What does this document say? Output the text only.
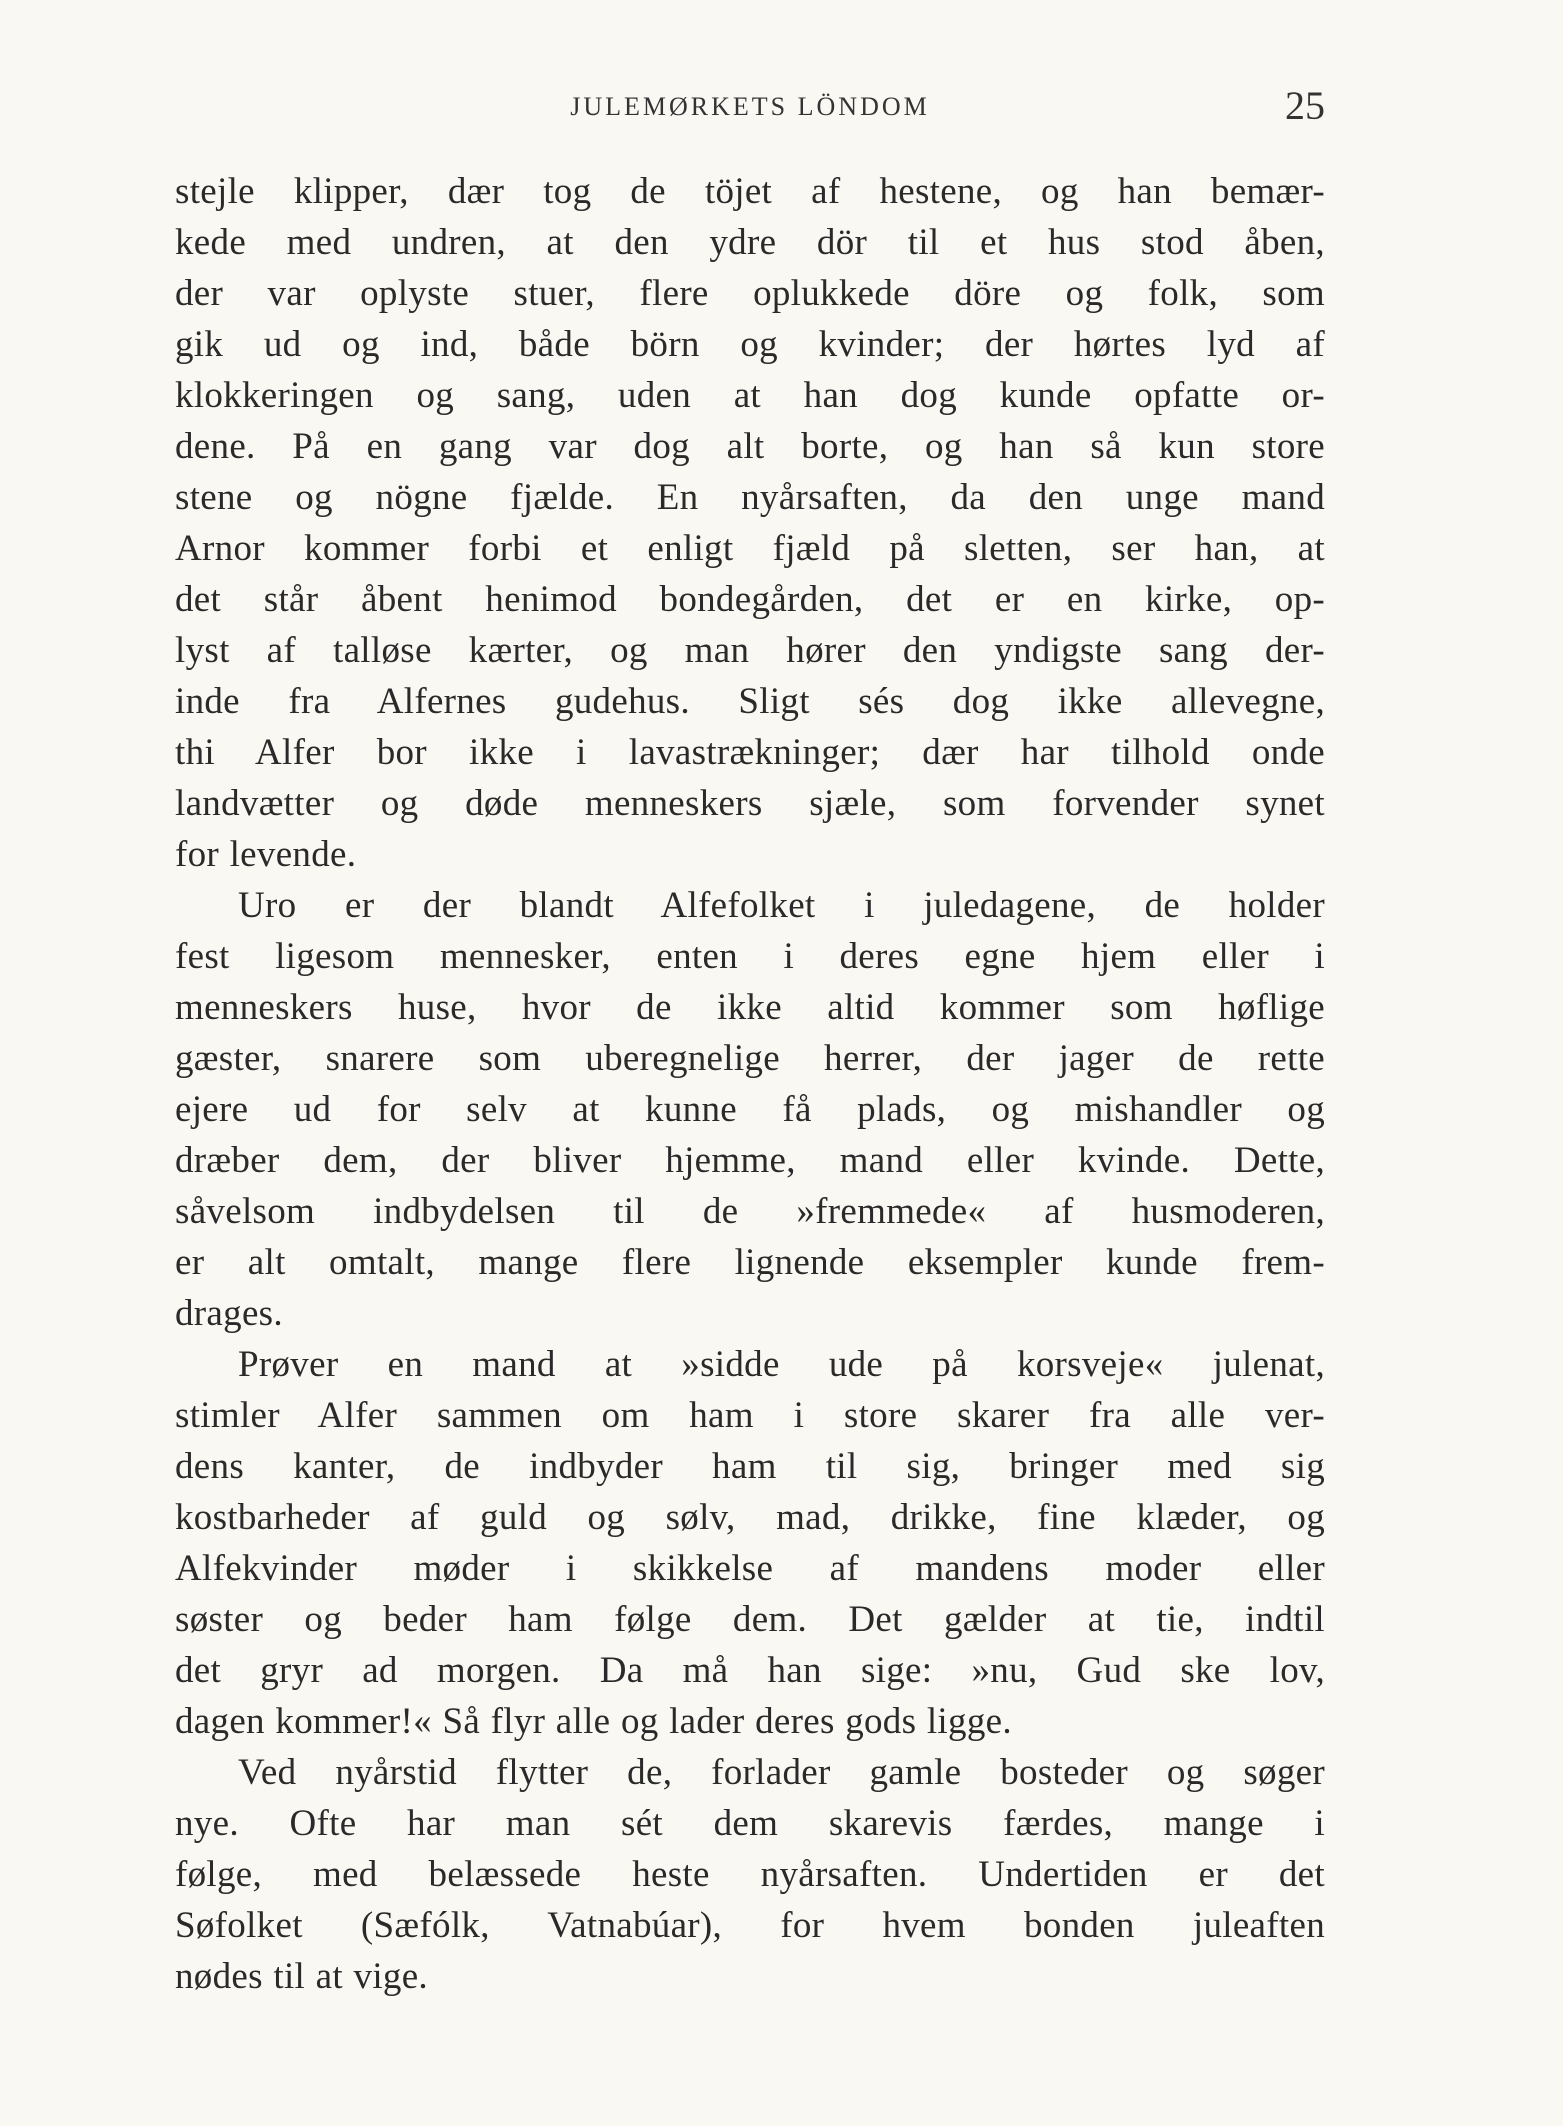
JULEMØRKETS LÖNDOM	25
stejle klipper, dær tog de töjet af hestene, og han bemær-
kede med undren, at den ydre dör til et hus stod åben,
der var oplyste stuer, flere oplukkede döre og folk, som
gik ud og ind, både börn og kvinder; der hørtes lyd af
klokkeringen og sang, uden at han dog kunde opfatte or-
dene. På en gang var dog alt borte, og han så kun store
stene og nögne fjælde. En nyårsaften, da den unge mand
Arnor kommer forbi et enligt fjæld på sletten, ser han, at
det står åbent henimod bondegården, det er en kirke, op-
lyst af talløse kærter, og man hører den yndigste sang der-
inde fra Alfernes gudehus. Sligt sés dog ikke allevegne,
thi Alfer bor ikke i lavastrækninger; dær har tilhold onde
landvætter og døde menneskers sjæle, som forvender synet
for levende.
Uro er der blandt Alfefolket i juledagene, de holder
fest ligesom mennesker, enten i deres egne hjem eller i
menneskers huse, hvor de ikke altid kommer som høflige
gæster, snarere som uberegnelige herrer, der jager de rette
ejere ud for selv at kunne få plads, og mishandler og
dræber dem, der bliver hjemme, mand eller kvinde. Dette,
såvelsom indbydelsen til de »fremmede« af husmoderen,
er alt omtalt, mange flere lignende eksempler kunde frem-
drages.
Prøver en mand at »sidde ude på korsveje« julenat,
stimler Alfer sammen om ham i store skarer fra alle ver-
dens kanter, de indbyder ham til sig, bringer med sig
kostbarheder af guld og sølv, mad, drikke, fine klæder, og
Alfekvinder møder i skikkelse af mandens moder eller
søster og beder ham følge dem. Det gælder at tie, indtil
det gryr ad morgen. Da må han sige: »nu, Gud ske lov,
dagen kommer!« Så flyr alle og lader deres gods ligge.
Ved nyårstid flytter de, forlader gamle bosteder og søger
nye. Ofte har man sét dem skarevis færdes, mange i
følge, med belæssede heste nyårsaften. Undertiden er det
Søfolket (Sæfólk, Vatnabúar), for hvem bonden juleaften
nødes til at vige.
